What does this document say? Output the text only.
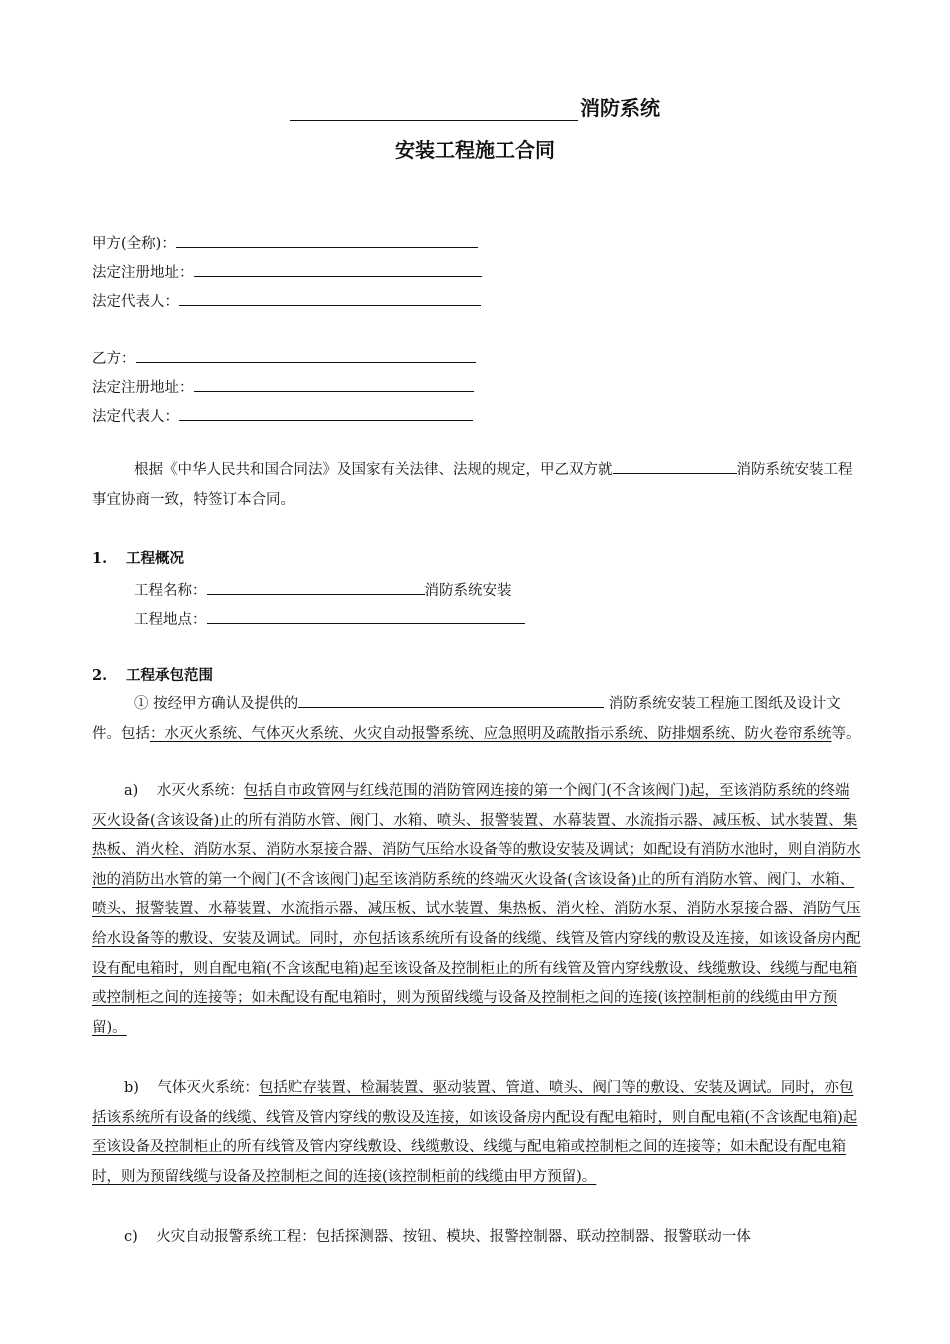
消防系统
安装工程施工合同
甲方(全称)：
法定注册地址：
法定代表人：
乙方：
法定注册地址：
法定代表人：
根据《中华人民共和国合同法》及国家有关法律、法规的规定，甲乙双方就	消防系统安装工程事宜协商一致，特签订本合同。
1. 工程概况
工程名称：	消防系统安装
工程地点：
2. 工程承包范围
① 按经甲方确认及提供的	消防系统安装工程施工图纸及设计文件。包括：水灭火系统、气体灭火系统、火灾自动报警系统、应急照明及疏散指示系统、防排烟系统、防火卷帘系统等。
a) 水灭火系统：包括自市政管网与红线范围的消防管网连接的第一个阀门(不含该阀门)起，至该消防系统的终端灭火设备(含该设备)止的所有消防水管、阀门、水箱、喷头、报警装置、水幕装置、水流指示器、减压板、试水装置、集热板、消火栓、消防水泵、消防水泵接合器、消防气压给水设备等的敷设安装及调试；如配设有消防水池时，则自消防水池的消防出水管的第一个阀门(不含该阀门)起至该消防系统的终端灭火设备(含该设备)止的所有消防水管、阀门、水箱、喷头、报警装置、水幕装置、水流指示器、减压板、试水装置、集热板、消火栓、消防水泵、消防水泵接合器、消防气压给水设备等的敷设、安装及调试。同时，亦包括该系统所有设备的线缆、线管及管内穿线的敷设及连接，如该设备房内配设有配电箱时，则自配电箱(不含该配电箱)起至该设备及控制柜止的所有线管及管内穿线敷设、线缆敷设、线缆与配电箱或控制柜之间的连接等；如未配设有配电箱时，则为预留线缆与设备及控制柜之间的连接(该控制柜前的线缆由甲方预留)。
b) 气体灭火系统：包括贮存装置、检漏装置、驱动装置、管道、喷头、阀门等的敷设、安装及调试。同时，亦包括该系统所有设备的线缆、线管及管内穿线的敷设及连接，如该设备房内配设有配电箱时，则自配电箱(不含该配电箱)起至该设备及控制柜止的所有线管及管内穿线敷设、线缆敷设、线缆与配电箱或控制柜之间的连接等；如未配设有配电箱时，则为预留线缆与设备及控制柜之间的连接(该控制柜前的线缆由甲方预留)。
c) 火灾自动报警系统工程：包括探测器、按钮、模块、报警控制器、联动控制器、报警联动一体
